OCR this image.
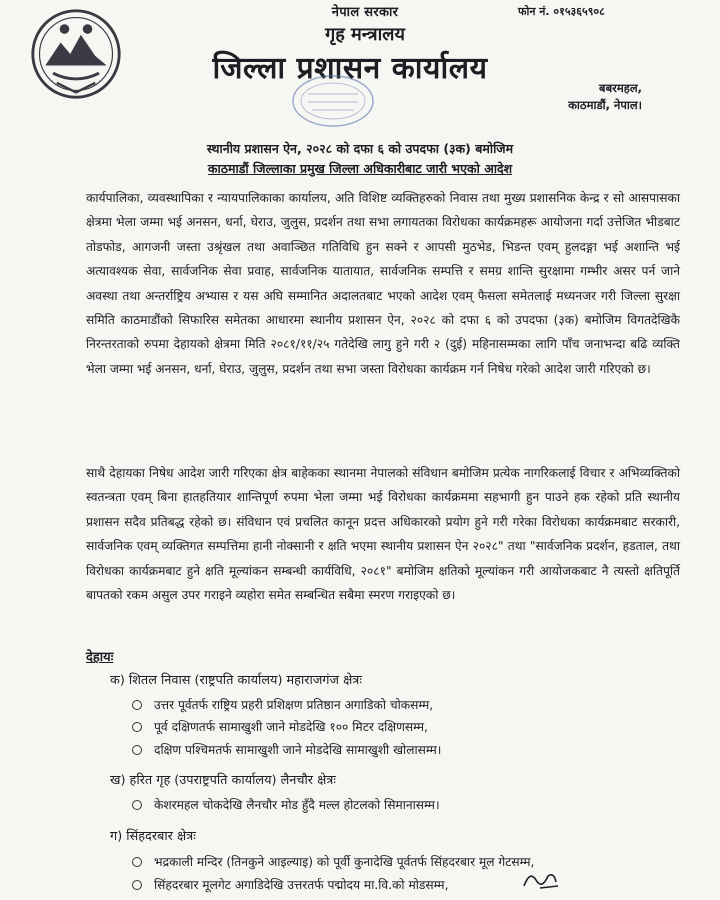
नेपाल सरकार
गृह मन्त्रालय
जिल्ला प्रशासन कार्यालय
फोन नं. ०१५३६५९०८
बबरमहल,
काठमाडौं, नेपाल।
स्थानीय प्रशासन ऐन, २०२८ को दफा ६ को उपदफा (३क) बमोजिम
काठमाडौं जिल्लाका प्रमुख जिल्ला अधिकारीबाट जारी भएको आदेश
कार्यपालिका, व्यवस्थापिका र न्यायपालिकाका कार्यालय, अति विशिष्ट व्यक्तिहरुको निवास तथा मुख्य प्रशासनिक केन्द्र र सो आसपासका क्षेत्रमा भेला जम्मा भई अनसन, धर्ना, घेराउ, जुलुस, प्रदर्शन तथा सभा लगायतका विरोधका कार्यक्रमहरू आयोजना गर्दा उत्तेजित भीडबाट तोडफोड, आगजनी जस्ता उश्रृंखल तथा अवाञ्छित गतिविधि हुन सक्ने र आपसी मुठभेड, भिडन्त एवम् हुलदङ्गा भई अशान्ति भई अत्यावश्यक सेवा, सार्वजनिक सेवा प्रवाह, सार्वजनिक यातायात, सार्वजनिक सम्पत्ति र समग्र शान्ति सुरक्षामा गम्भीर असर पर्न जाने अवस्था तथा अन्तर्राष्ट्रिय अभ्यास र यस अघि सम्मानित अदालतबाट भएको आदेश एवम् फैसला समेतलाई मध्यनजर गरी जिल्ला सुरक्षा समिति काठमाडौंको सिफारिस समेतका आधारमा स्थानीय प्रशासन ऐन, २०२८ को दफा ६ को उपदफा (३क) बमोजिम विगतदेखिकै निरन्तरताको रुपमा देहायको क्षेत्रमा मिति २०८१/११/२५ गतेदेखि लागु हुने गरी २ (दुई) महिनासम्मका लागि पाँच जनाभन्दा बढि व्यक्ति भेला जम्मा भई अनसन, धर्ना, घेराउ, जुलुस, प्रदर्शन तथा सभा जस्ता विरोधका कार्यक्रम गर्न निषेध गरेको आदेश जारी गरिएको छ।
साथै देहायका निषेध आदेश जारी गरिएका क्षेत्र बाहेकका स्थानमा नेपालको संविधान बमोजिम प्रत्येक नागरिकलाई विचार र अभिव्यक्तिको स्वतन्त्रता एवम् बिना हातहतियार शान्तिपूर्ण रुपमा भेला जम्मा भई विरोधका कार्यक्रममा सहभागी हुन पाउने हक रहेको प्रति स्थानीय प्रशासन सदैव प्रतिबद्ध रहेको छ। संविधान एवं प्रचलित कानून प्रदत्त अधिकारको प्रयोग हुने गरी गरेका विरोधका कार्यक्रमबाट सरकारी, सार्वजनिक एवम् व्यक्तिगत सम्पत्तिमा हानी नोक्सानी र क्षति भएमा स्थानीय प्रशासन ऐन २०२८" तथा "सार्वजनिक प्रदर्शन, हडताल, तथा विरोधका कार्यक्रमबाट हुने क्षति मूल्यांकन सम्बन्धी कार्यविधि, २०८१" बमोजिम क्षतिको मूल्यांकन गरी आयोजकबाट नै त्यस्तो क्षतिपूर्ति बापतको रकम असुल उपर गराइने व्यहोरा समेत सम्बन्धित सबैमा स्मरण गराइएको छ।
देहायः
क) शितल निवास (राष्ट्रपति कार्यालय) महाराजगंज क्षेत्रः
उत्तर पूर्वतर्फ राष्ट्रिय प्रहरी प्रशिक्षण प्रतिष्ठान अगाडिको चोकसम्म,
पूर्व दक्षिणतर्फ सामाखुशी जाने मोडदेखि १०० मिटर दक्षिणसम्म,
दक्षिण पश्चिमतर्फ सामाखुशी जाने मोडदेखि सामाखुशी खोलासम्म।
ख) हरित गृह (उपराष्ट्रपति कार्यालय) लैनचौर क्षेत्रः
केशरमहल चोकदेखि लैनचौर मोड हुँदै मल्ल होटलको सिमानासम्म।
ग) सिंहदरबार क्षेत्रः
भद्रकाली मन्दिर (तिनकुने आइल्याइ) को पूर्वी कुनादेखि पूर्वतर्फ सिंहदरबार मूल गेटसम्म,
सिंहदरबार मूलगेट अगाडिदेखि उत्तरतर्फ पद्मोदय मा.वि.को मोडसम्म,
